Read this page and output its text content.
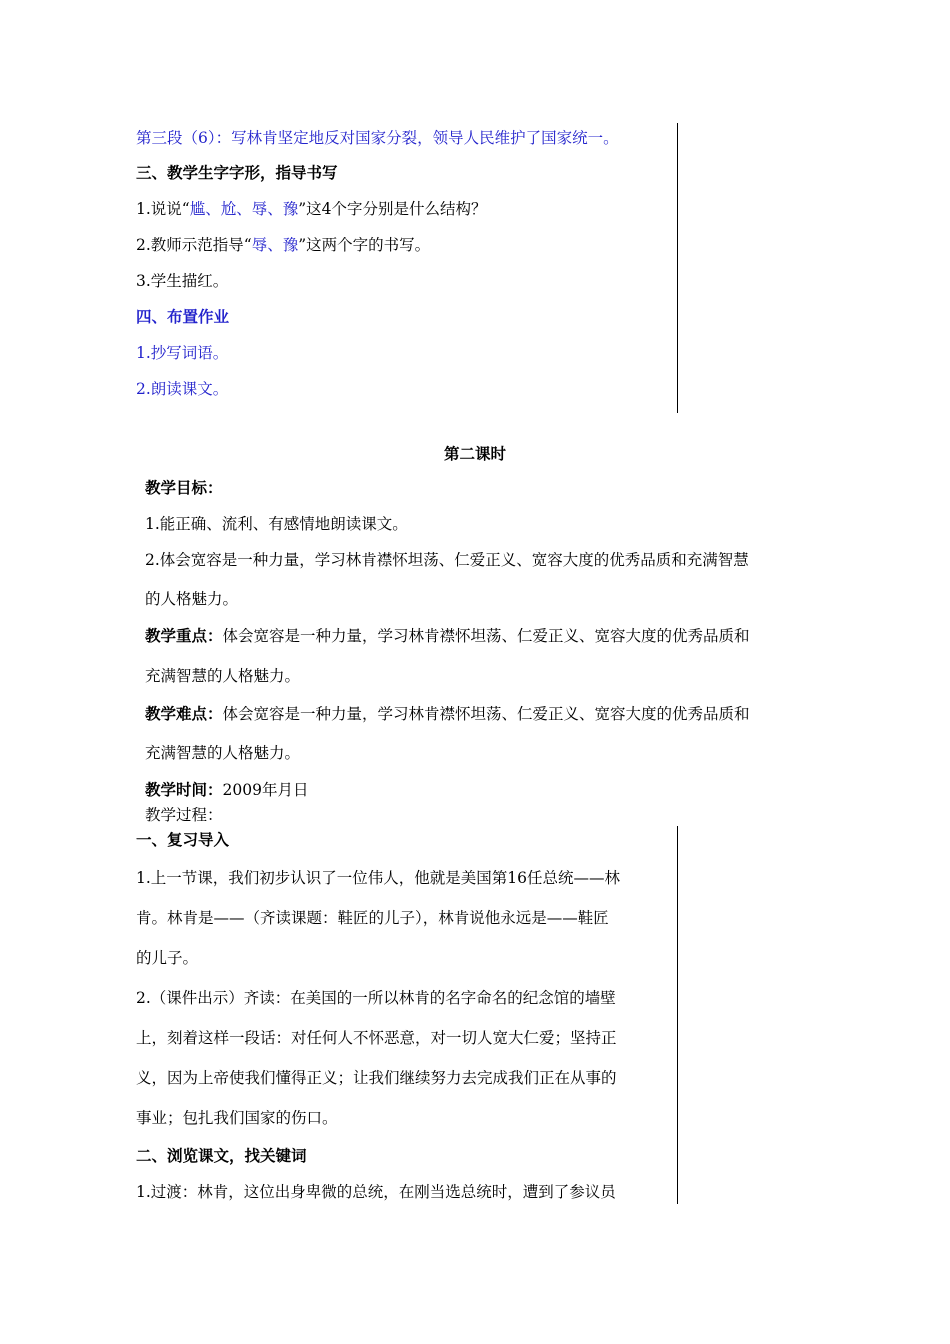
第三段（6）：写林肯坚定地反对国家分裂，领导人民维护了国家统一。
三、教学生字字形，指导书写
1.说说“尴、尬、辱、豫”这4个字分别是什么结构？
2.教师示范指导“辱、豫”这两个字的书写。
3.学生描红。
四、布置作业
1.抄写词语。
2.朗读课文。
第二课时
教学目标：
1.能正确、流利、有感情地朗读课文。
2.体会宽容是一种力量，学习林肯襟怀坦荡、仁爱正义、宽容大度的优秀品质和充满智慧
的人格魅力。
教学重点：体会宽容是一种力量，学习林肯襟怀坦荡、仁爱正义、宽容大度的优秀品质和
充满智慧的人格魅力。
教学难点：体会宽容是一种力量，学习林肯襟怀坦荡、仁爱正义、宽容大度的优秀品质和
充满智慧的人格魅力。
教学时间：2009年月日
教学过程：
一、复习导入
1.上一节课，我们初步认识了一位伟人，他就是美国第16任总统——林
肯。林肯是——（齐读课题：鞋匠的儿子），林肯说他永远是——鞋匠
的儿子。
2.（课件出示）齐读：在美国的一所以林肯的名字命名的纪念馆的墙壁
上，刻着这样一段话：对任何人不怀恶意，对一切人宽大仁爱；坚持正
义，因为上帝使我们懂得正义；让我们继续努力去完成我们正在从事的
事业；包扎我们国家的伤口。
二、浏览课文，找关键词
1.过渡：林肯，这位出身卑微的总统，在刚当选总统时，遭到了参议员
